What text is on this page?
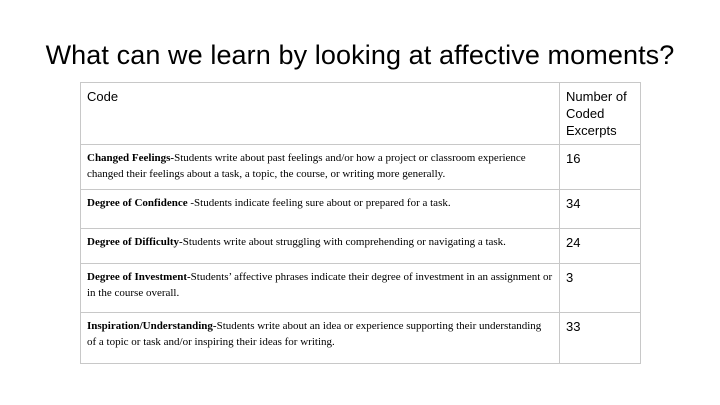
What can we learn by looking at affective moments?
Code	Number of Coded Excerpts
Changed Feelings-Students write about past feelings and/or how a project or classroom experience changed their feelings about a task, a topic, the course, or writing more generally.	16
Degree of Confidence -Students indicate feeling sure about or prepared for a task.	34
Degree of Difficulty-Students write about struggling with comprehending or navigating a task.	24
Degree of Investment-Students’ affective phrases indicate their degree of investment in an assignment or in the course overall.	3
Inspiration/Understanding-Students write about an idea or experience supporting their understanding of a topic or task and/or inspiring their ideas for writing.	33
